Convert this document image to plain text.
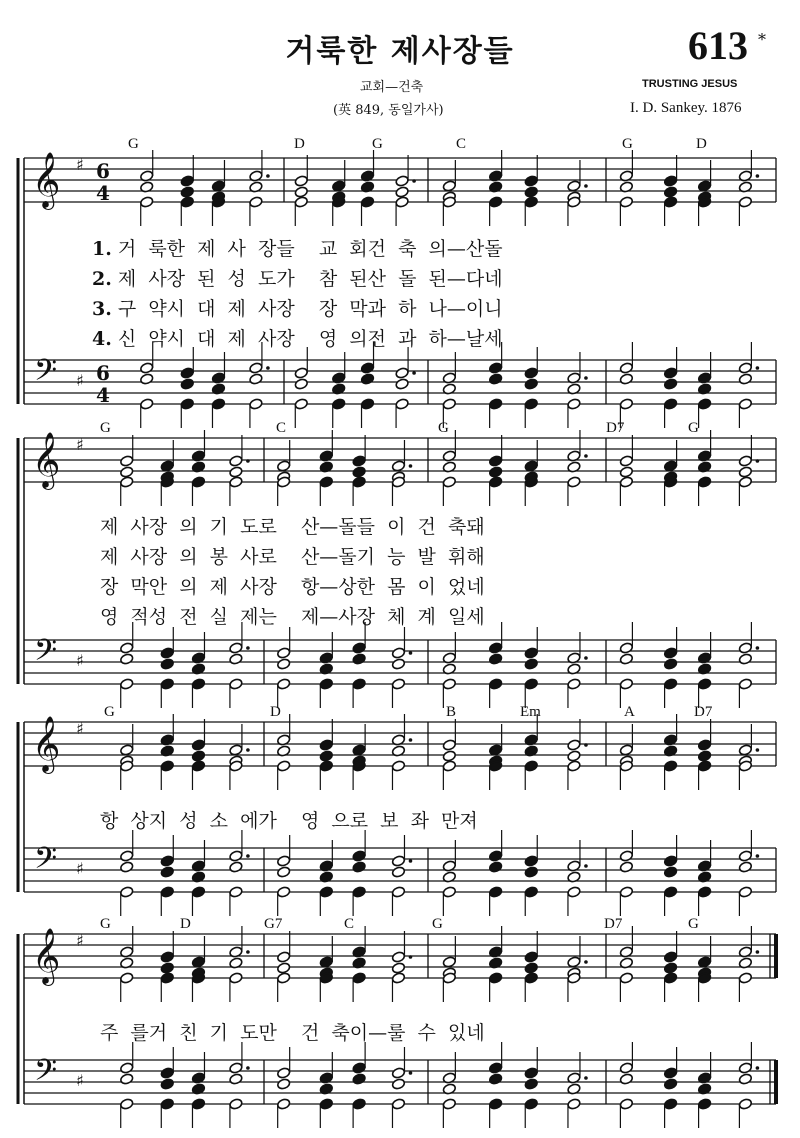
거룩한 제사장들	613 *
교회—건축
(英 849, 동일가사)
TRUSTING JESUS
I. D. Sankey. 1876
G	D	G	C	G	D
1. 거  룩한  제  사  장들    교  회건  축  의—산돌
2. 제  사장  된  성  도가    참  된산  돌  된—다네
3. 구  약시  대  제  사장    장  막과  하  나—이니
4. 신  약시  대  제  사장    영  의전  과  하—날세
G	C	G	D7	G
제  사장  의  기  도로    산—돌들  이  건  축돼
제  사장  의  봉  사로    산—돌기  능  발  휘해
장  막안  의  제  사장    항—상한  몸  이  었네
영  적성  전  실  제는    제—사장  체  계  일세
G	D	B	Em	A	D7
항  상지  성  소  에가    영  으로  보  좌  만져
G	D	G7	C	G	D7	G
주  를거  친  기  도만    건  축이—룰  수  있네
𝄞
𝄢
♯
♯
6
4
6
4
𝄞
𝄢
♯
♯
𝄞
𝄢
♯
♯
𝄞
𝄢
♯
♯
